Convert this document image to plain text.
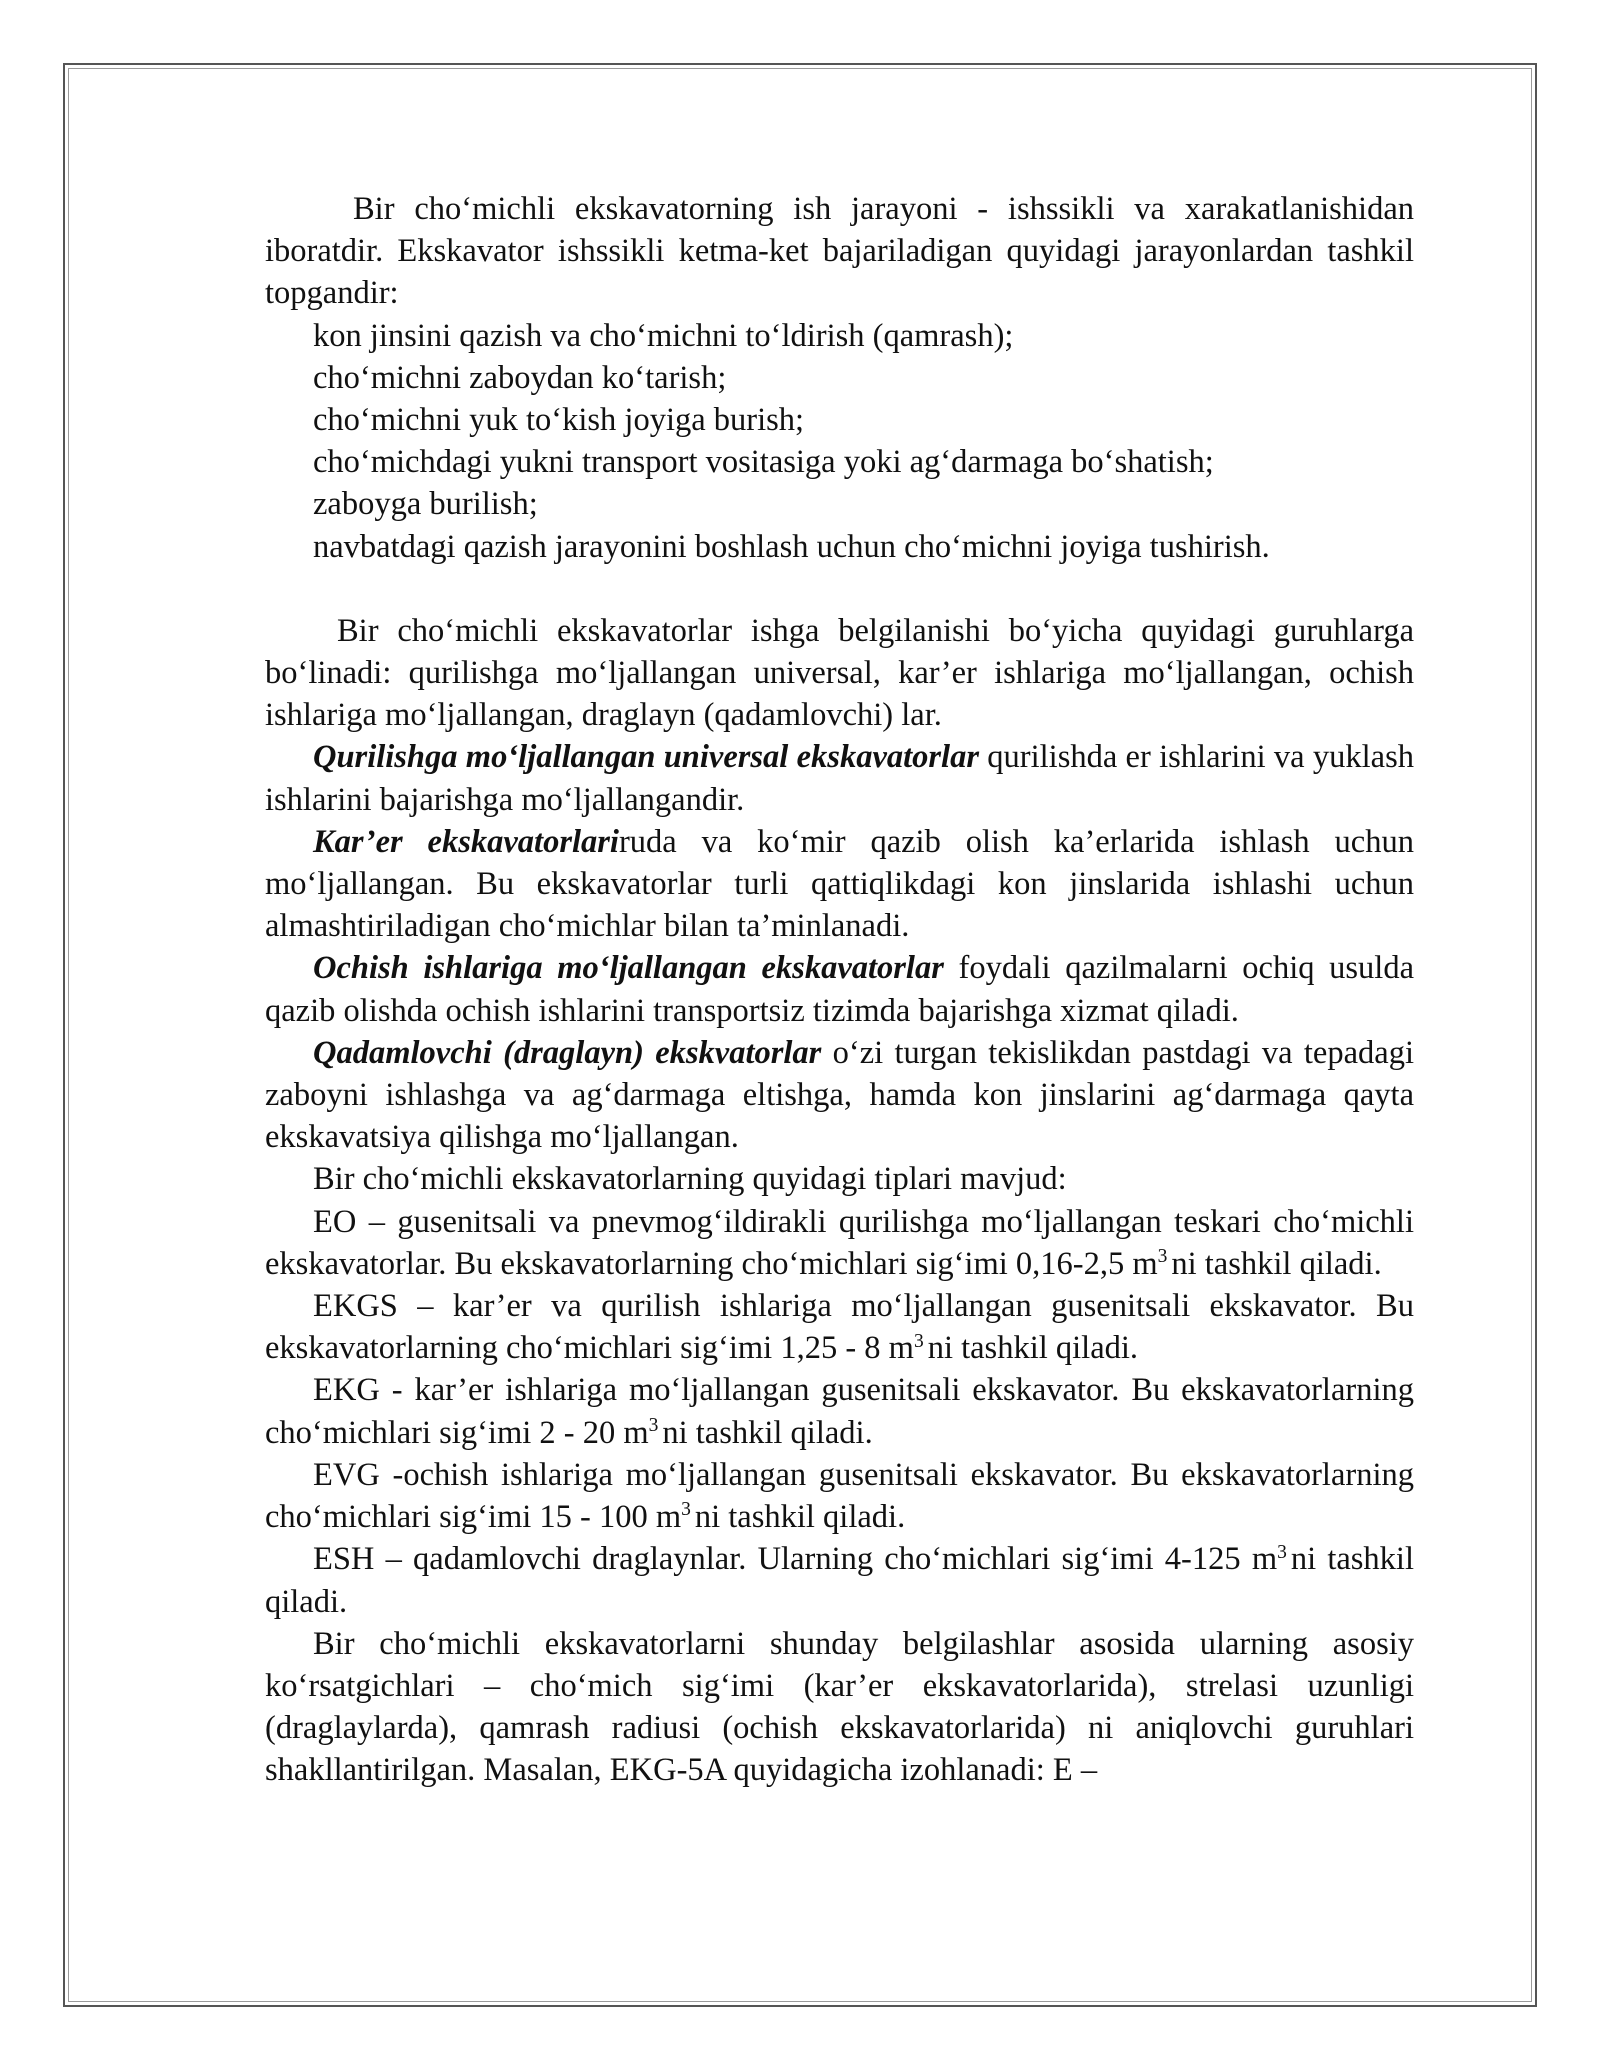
Bir cho‘michli ekskavatorning ish jarayoni - ishssikli va xarakatlanishidan iboratdir. Ekskavator ishssikli ketma-ket bajariladigan quyidagi jarayonlardan tashkil topgandir:

kon jinsini qazish va cho‘michni to‘ldirish (qamrash);

cho‘michni zaboydan ko‘tarish;

cho‘michni yuk to‘kish joyiga burish;

cho‘michdagi yukni transport vositasiga yoki ag‘darmaga bo‘shatish;

zaboyga burilish;

navbatdagi qazish jarayonini boshlash uchun cho‘michni joyiga tushirish.

Bir cho‘michli ekskavatorlar ishga belgilanishi bo‘yicha quyidagi guruhlarga bo‘linadi: qurilishga mo‘ljallangan universal, kar’er ishlariga mo‘ljallangan, ochish ishlariga mo‘ljallangan, draglayn (qadamlovchi) lar.

Qurilishga mo‘ljallangan universal ekskavatorlar qurilishda er ishlarini va yuklash ishlarini bajarishga mo‘ljallangandir.

Kar’er ekskavatorlariruda va ko‘mir qazib olish ka’erlarida ishlash uchun mo‘ljallangan. Bu ekskavatorlar turli qattiqlikdagi kon jinslarida ishlashi uchun almashtiriladigan cho‘michlar bilan ta’minlanadi.

Ochish ishlariga mo‘ljallangan ekskavatorlar foydali qazilmalarni ochiq usulda qazib olishda ochish ishlarini transportsiz tizimda bajarishga xizmat qiladi.

Qadamlovchi (draglayn) ekskvatorlar o‘zi turgan tekislikdan pastdagi va tepadagi zaboyni ishlashga va ag‘darmaga eltishga, hamda kon jinslarini ag‘darmaga qayta ekskavatsiya qilishga mo‘ljallangan.

Bir cho‘michli ekskavatorlarning quyidagi tiplari mavjud:

EO – gusenitsali va pnevmog‘ildirakli qurilishga mo‘ljallangan teskari cho‘michli ekskavatorlar. Bu ekskavatorlarning cho‘michlari sig‘imi 0,16-2,5 $m^3$ ni tashkil qiladi.

EKGS – kar’er va qurilish ishlariga mo‘ljallangan gusenitsali ekskavator. Bu ekskavatorlarning cho‘michlari sig‘imi 1,25 - 8 $m^3$ ni tashkil qiladi.

EKG - kar’er ishlariga mo‘ljallangan gusenitsali ekskavator. Bu ekskavatorlarning cho‘michlari sig‘imi 2 - 20 $m^3$ ni tashkil qiladi.

EVG -ochish ishlariga mo‘ljallangan gusenitsali ekskavator. Bu ekskavatorlarning cho‘michlari sig‘imi 15 - 100 $m^3$ ni tashkil qiladi.

ESH – qadamlovchi draglaynlar. Ularning cho‘michlari sig‘imi 4-125 $m^3$ ni tashkil qiladi.

Bir cho‘michli ekskavatorlarni shunday belgilashlar asosida ularning asosiy ko‘rsatgichlari – cho‘mich sig‘imi (kar’er ekskavatorlarida), strelasi uzunligi (draglaylarda), qamrash radiusi (ochish ekskavatorlarida) ni aniqlovchi guruhlari shakllantirilgan. Masalan, EKG-5A quyidagicha izohlanadi: E –
